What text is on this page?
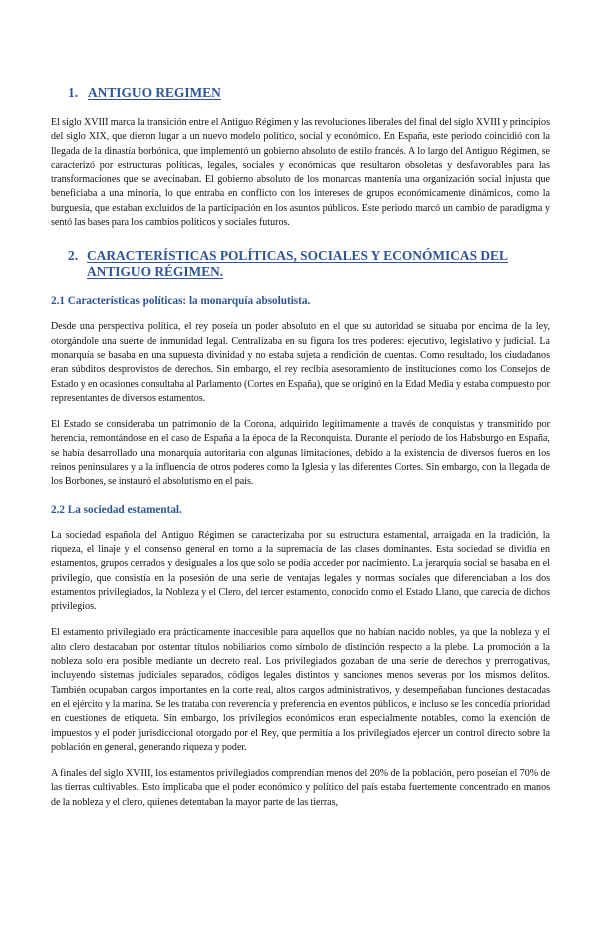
1. ANTIGUO REGIMEN

El siglo XVIII marca la transición entre el Antiguo Régimen y las revoluciones liberales del final del siglo XVIII y principios del siglo XIX, que dieron lugar a un nuevo modelo político, social y económico. En España, este periodo coincidió con la llegada de la dinastía borbónica, que implementó un gobierno absoluto de estilo francés. A lo largo del Antiguo Régimen, se caracterizó por estructuras políticas, legales, sociales y económicas que resultaron obsoletas y desfavorables para las transformaciones que se avecinaban. El gobierno absoluto de los monarcas mantenía una organización social injusta que beneficiaba a una minoría, lo que entraba en conflicto con los intereses de grupos económicamente dinámicos, como la burguesía, que estaban excluidos de la participación en los asuntos públicos. Este periodo marcó un cambio de paradigma y sentó las bases para los cambios políticos y sociales futuros.

2. CARACTERÍSTICAS POLÍTICAS, SOCIALES Y ECONÓMICAS DEL ANTIGUO RÉGIMEN.
2.1 Características políticas: la monarquía absolutista.

Desde una perspectiva política, el rey poseía un poder absoluto en el que su autoridad se situaba por encima de la ley, otorgándole una suerte de inmunidad legal. Centralizaba en su figura los tres poderes: ejecutivo, legislativo y judicial. La monarquía se basaba en una supuesta divinidad y no estaba sujeta a rendición de cuentas. Como resultado, los ciudadanos eran súbditos desprovistos de derechos. Sin embargo, el rey recibía asesoramiento de instituciones como los Consejos de Estado y en ocasiones consultaba al Parlamento (Cortes en España), que se originó en la Edad Media y estaba compuesto por representantes de diversos estamentos.

El Estado se consideraba un patrimonio de la Corona, adquirido legítimamente a través de conquistas y transmitido por herencia, remontándose en el caso de España a la época de la Reconquista. Durante el período de los Habsburgo en España, se había desarrollado una monarquía autoritaria con algunas limitaciones, debido a la existencia de diversos fueros en los reinos peninsulares y a la influencia de otros poderes como la Iglesia y las diferentes Cortes. Sin embargo, con la llegada de los Borbones, se instauró el absolutismo en el país.

2.2 La sociedad estamental.

La sociedad española del Antiguo Régimen se caracterizaba por su estructura estamental, arraigada en la tradición, la riqueza, el linaje y el consenso general en torno a la supremacía de las clases dominantes. Esta sociedad se dividía en estamentos, grupos cerrados y desiguales a los que solo se podía acceder por nacimiento. La jerarquía social se basaba en el privilegio, que consistía en la posesión de una serie de ventajas legales y normas sociales que diferenciaban a los dos estamentos privilegiados, la Nobleza y el Clero, del tercer estamento, conocido como el Estado Llano, que carecía de dichos privilegios.

El estamento privilegiado era prácticamente inaccesible para aquellos que no habían nacido nobles, ya que la nobleza y el alto clero destacaban por ostentar títulos nobiliarios como símbolo de distinción respecto a la plebe. La promoción a la nobleza solo era posible mediante un decreto real. Los privilegiados gozaban de una serie de derechos y prerrogativas, incluyendo sistemas judiciales separados, códigos legales distintos y sanciones menos severas por los mismos delitos. También ocupaban cargos importantes en la corte real, altos cargos administrativos, y desempeñaban funciones destacadas en el ejército y la marina. Se les trataba con reverencia y preferencia en eventos públicos, e incluso se les concedía prioridad en cuestiones de etiqueta. Sin embargo, los privilegios económicos eran especialmente notables, como la exención de impuestos y el poder jurisdiccional otorgado por el Rey, que permitía a los privilegiados ejercer un control directo sobre la población en general, generando riqueza y poder.

A finales del siglo XVIII, los estamentos privilegiados comprendían menos del 20% de la población, pero poseían el 70% de las tierras cultivables. Esto implicaba que el poder económico y político del país estaba fuertemente concentrado en manos de la nobleza y el clero, quienes detentaban la mayor parte de las tierras,
